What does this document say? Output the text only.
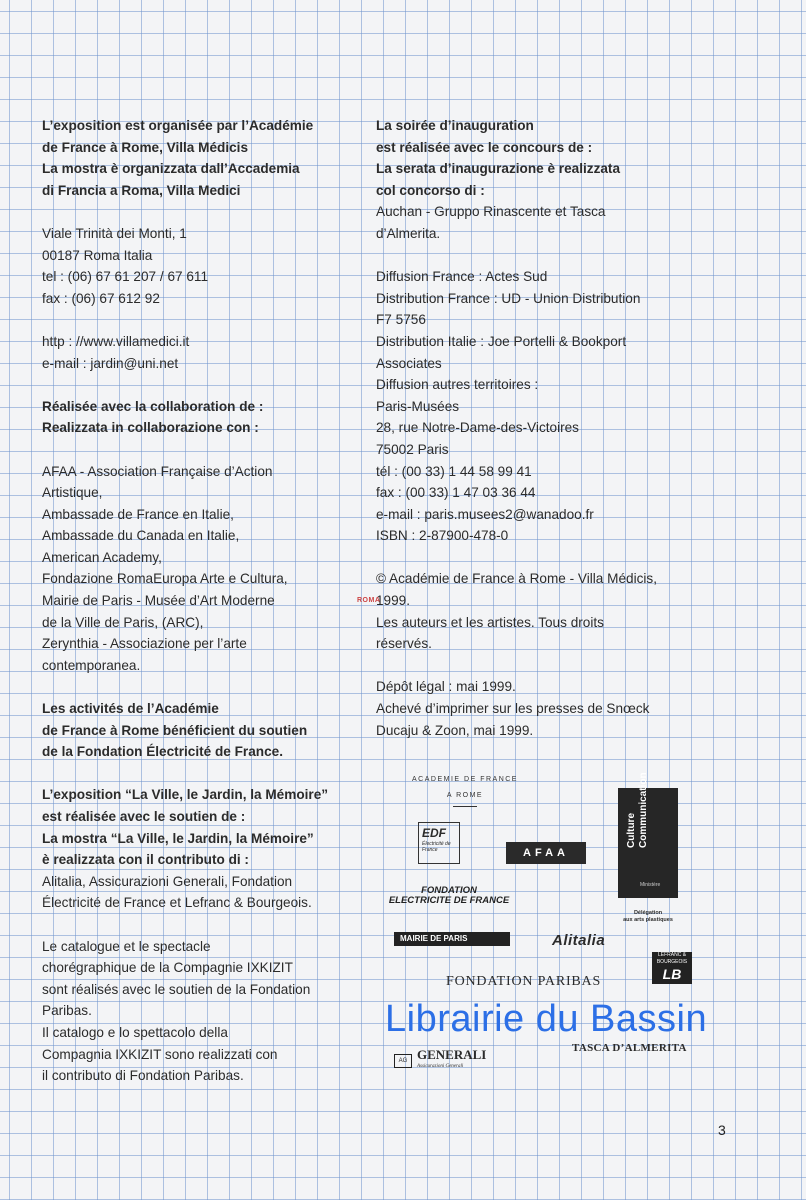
L’exposition est organisée par l’Académie

de France à Rome, Villa Médicis

La mostra è organizzata dall’Accademia

di Francia a Roma, Villa Medici

Viale Trinità dei Monti, 1

00187 Roma Italia

tel : (06) 67 61 207 / 67 611

fax : (06) 67 612 92

http : //www.villamedici.it

e-mail : jardin@uni.net

Réalisée avec la collaboration de :

Realizzata in collaborazione con :

AFAA - Association Française d’Action

Artistique,

Ambassade de France en Italie,

Ambassade du Canada en Italie,

American Academy,

Fondazione RomaEuropa Arte e Cultura,

Mairie de Paris - Musée d’Art Moderne

de la Ville de Paris, (ARC),

Zerynthia - Associazione per l’arte

contemporanea.

Les activités de l’Académie

de France à Rome bénéficient du soutien

de la Fondation Électricité de France.

L’exposition “La Ville, le Jardin, la Mémoire”

est réalisée avec le soutien de :

La mostra “La Ville, le Jardin, la Mémoire”

è realizzata con il contributo di :

Alitalia, Assicurazioni Generali, Fondation

Électricité de France et Lefranc & Bourgeois.

Le catalogue et le spectacle

chorégraphique de la Compagnie IXKIZIT

sont réalisés avec le soutien de la Fondation

Paribas.

Il catalogo e lo spettacolo della

Compagnia IXKIZIT sono realizzati con

il contributo di Fondation Paribas.

La soirée d’inauguration

est réalisée avec le concours de :

La serata d’inaugurazione è realizzata

col concorso di :

Auchan - Gruppo Rinascente et Tasca

d’Almerita.

Diffusion France : Actes Sud

Distribution France : UD - Union Distribution

F7 5756

Distribution Italie : Joe Portelli & Bookport

Associates

Diffusion autres territoires :

Paris-Musées

28, rue Notre-Dame-des-Victoires

75002 Paris

tél : (00 33) 1 44 58 99 41

fax : (00 33) 1 47 03 36 44

e-mail : paris.musees2@wanadoo.fr

ISBN : 2-87900-478-0

© Académie de France à Rome - Villa Médicis,

1999.

Les auteurs et les artistes. Tous droits

réservés.

Dépôt légal : mai 1999.

Achevé d’imprimer sur les presses de Snœck

Ducaju & Zoon, mai 1999.

ROMA
ACADEMIE DE FRANCE
A ROME
EDF
Électricité de France
FONDATION
ELECTRICITE DE FRANCE
AFAA
Culture Communication
Ministère
Délégation
aux arts plastiques
MAIRIE DE PARIS	Alitalia
LEFRANC & BOURGEOIS
LB
FONDATION PARIBAS
TASCA D’ALMERITA
AG GENERALI
Assicurazioni Generali
Librairie du Bassin
3
